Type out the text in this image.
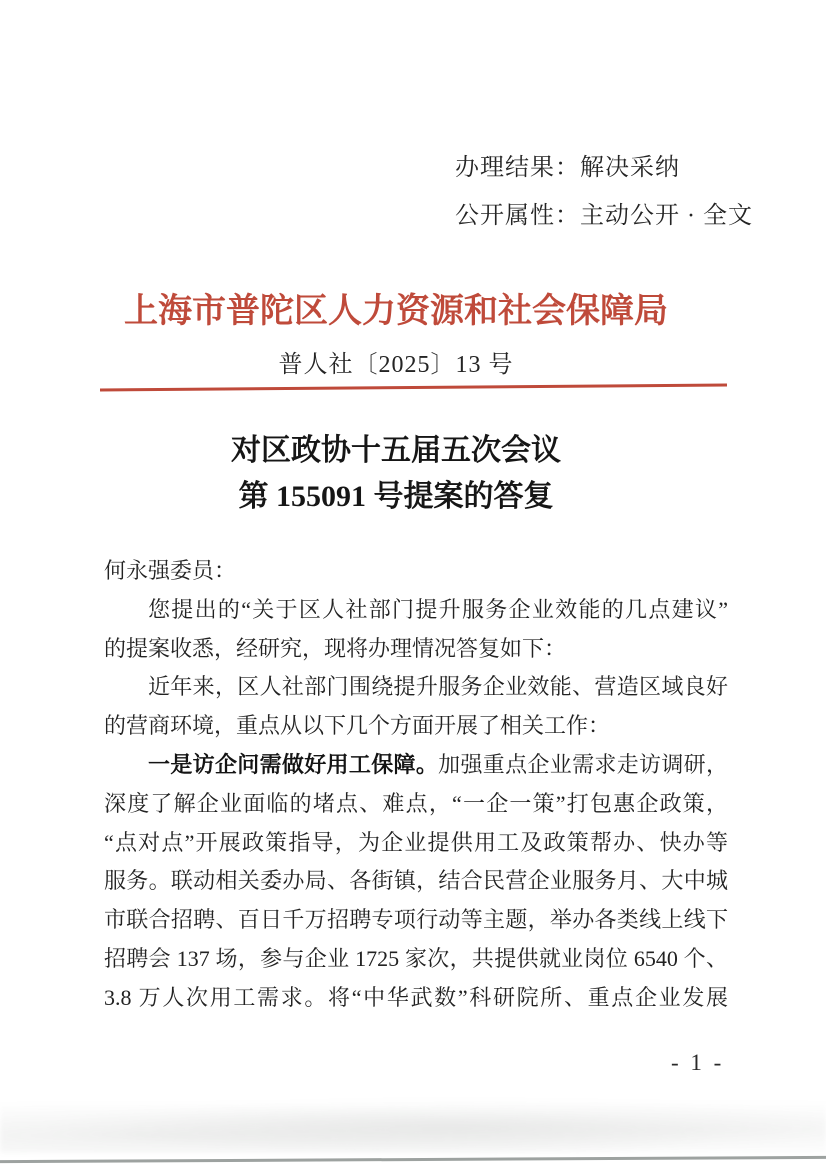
办理结果：解决采纳
公开属性：主动公开 · 全文
上海市普陀区人力资源和社会保障局
普人社〔2025〕13 号
对区政协十五届五次会议
第 155091 号提案的答复
何永强委员：
您提出的“关于区人社部门提升服务企业效能的几点建议”
的提案收悉，经研究，现将办理情况答复如下：
近年来，区人社部门围绕提升服务企业效能、营造区域良好
的营商环境，重点从以下几个方面开展了相关工作：
一是访企问需做好用工保障。加强重点企业需求走访调研，
深度了解企业面临的堵点、难点，“一企一策”打包惠企政策，
“点对点”开展政策指导，为企业提供用工及政策帮办、快办等
服务。联动相关委办局、各街镇，结合民营企业服务月、大中城
市联合招聘、百日千万招聘专项行动等主题，举办各类线上线下
招聘会 137 场，参与企业 1725 家次，共提供就业岗位 6540 个、
3.8 万人次用工需求。将“中华武数”科研院所、重点企业发展
- 1 -
